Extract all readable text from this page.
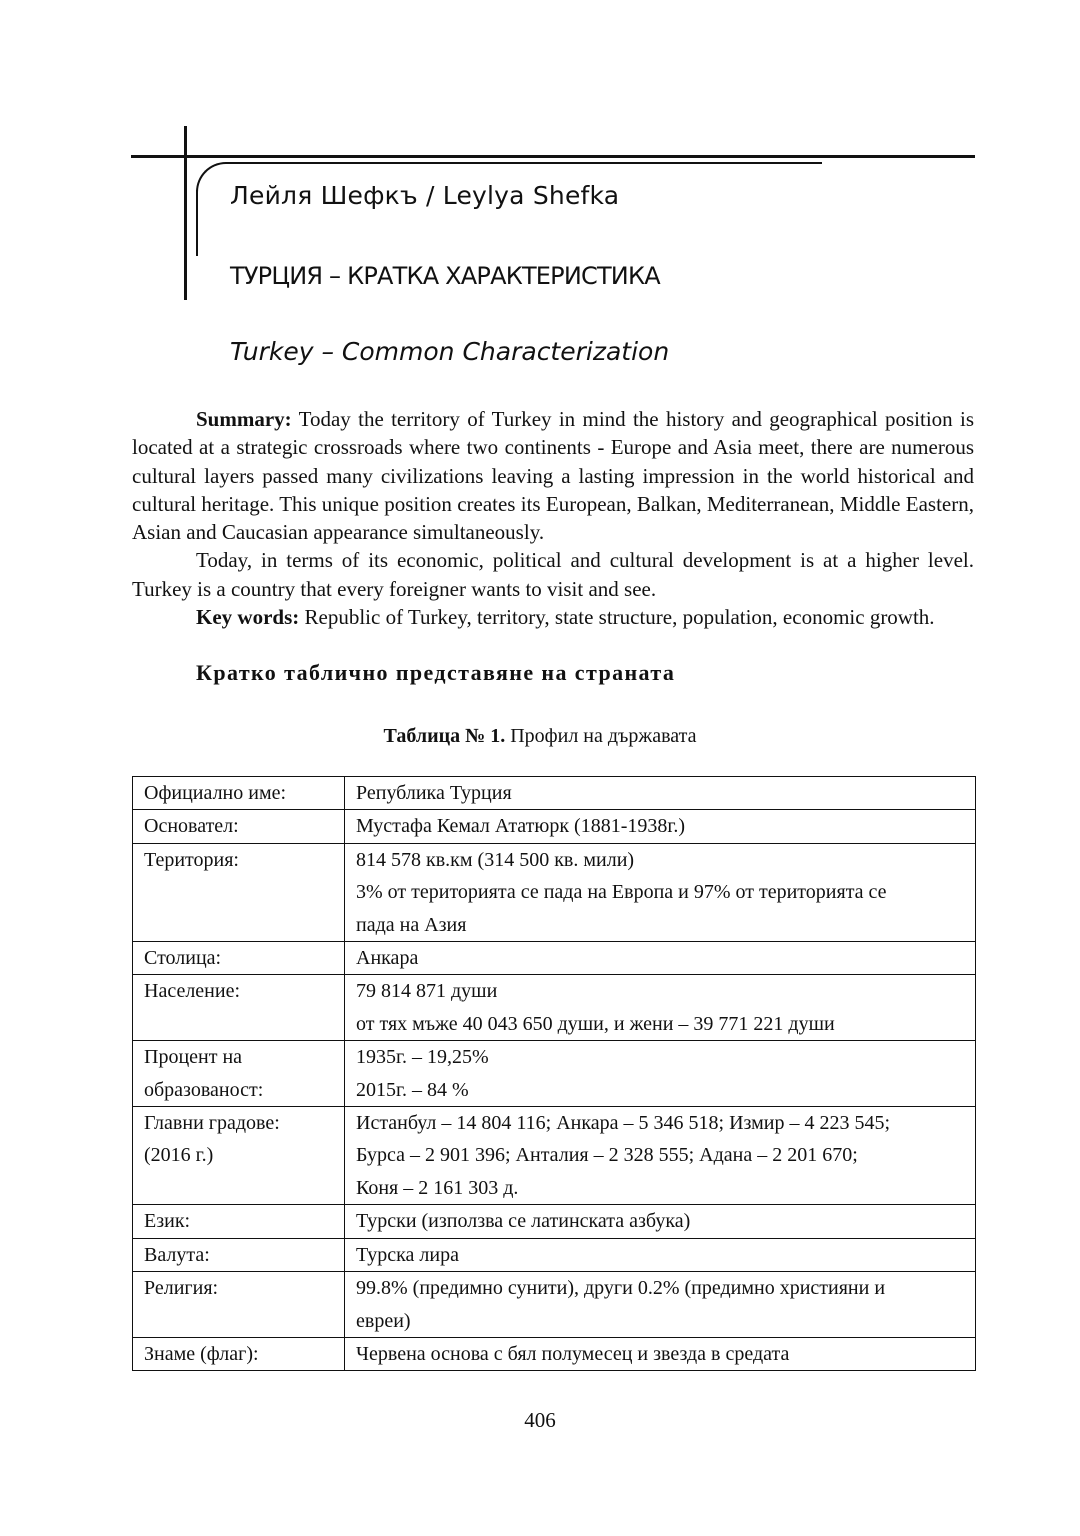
Лейля Шефкъ / Leylya Shefka
ТУРЦИЯ – КРАТКА ХАРАКТЕРИСТИКА
Turkey – Common Characterization

Summary: Today the territory of Turkey in mind the history and geographical position is located at a strategic crossroads where two continents - Europe and Asia meet, there are numerous cultural layers passed many civilizations leaving a lasting impression in the world historical and cultural heritage. This unique position creates its European, Balkan, Mediterranean, Middle Eastern, Asian and Caucasian appearance simultaneously.

Today, in terms of its economic, political and cultural development is at a higher level. Turkey is a country that every foreigner wants to visit and see.

Key words: Republic of Turkey, territory, state structure, population, economic growth.

Кратко таблично представяне на страната
Таблица № 1. Профил на държавата
Официално име:	Република Турция

Основател:	Мустафа Кемал Ататюрк (1881-1938г.)

Територия:	814 578 кв.км (314 500 кв. мили)
3% от територията се пада на Европа и 97% от територията се
пада на Азия

Столица:	Анкара

Население:	79 814 871 души
от тях мъже 40 043 650 души, и жени – 39 771 221 души

Процент на
образованост:	1935г. – 19,25%
2015г. – 84 %

Главни градове:
(2016 г.)	Истанбул – 14 804 116; Анкара – 5 346 518; Измир – 4 223 545;
Бурса – 2 901 396; Анталия – 2 328 555; Адана – 2 201 670;
Коня – 2 161 303 д.

Език:	Турски (използва се латинската азбука)

Валута:	Турска лира

Религия:	99.8% (предимно сунити), други 0.2% (предимно християни и
евреи)

Знаме (флаг):	Червена основа с бял полумесец и звезда в средата
406
